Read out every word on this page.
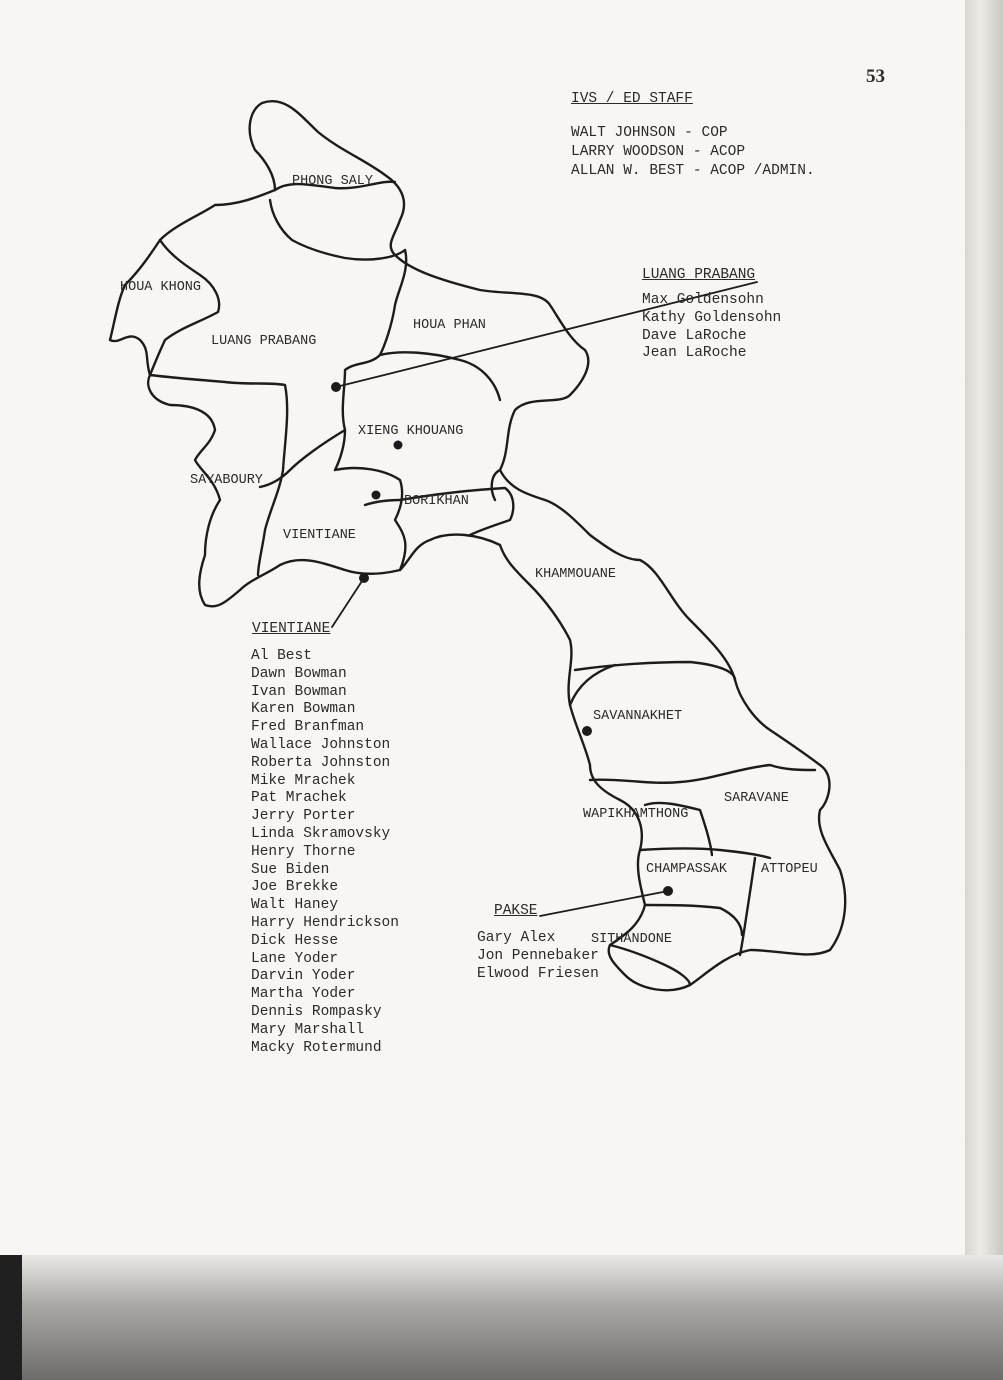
53
IVS / ED STAFF
WALT JOHNSON - COP
LARRY WOODSON - ACOP
ALLAN W. BEST - ACOP /ADMIN.
PHONG SALY
HOUA KHONG
LUANG PRABANG
HOUA PHAN
XIENG KHOUANG
SAYABOURY
BORIKHAN
VIENTIANE
KHAMMOUANE
SAVANNAKHET
SARAVANE
WAPIKHAMTHONG
CHAMPASSAK	ATTOPEU
SITHANDONE
LUANG PRABANG
Max Goldensohn
Kathy Goldensohn
Dave LaRoche
Jean LaRoche
VIENTIANE
Al Best
Dawn Bowman
Ivan Bowman
Karen Bowman
Fred Branfman
Wallace Johnston
Roberta Johnston
Mike Mrachek
Pat Mrachek
Jerry Porter
Linda Skramovsky
Henry Thorne
Sue Biden
Joe Brekke
Walt Haney
Harry Hendrickson
Dick Hesse
Lane Yoder
Darvin Yoder
Martha Yoder
Dennis Rompasky
Mary Marshall
Macky Rotermund
PAKSE
Gary Alex
Jon Pennebaker
Elwood Friesen
